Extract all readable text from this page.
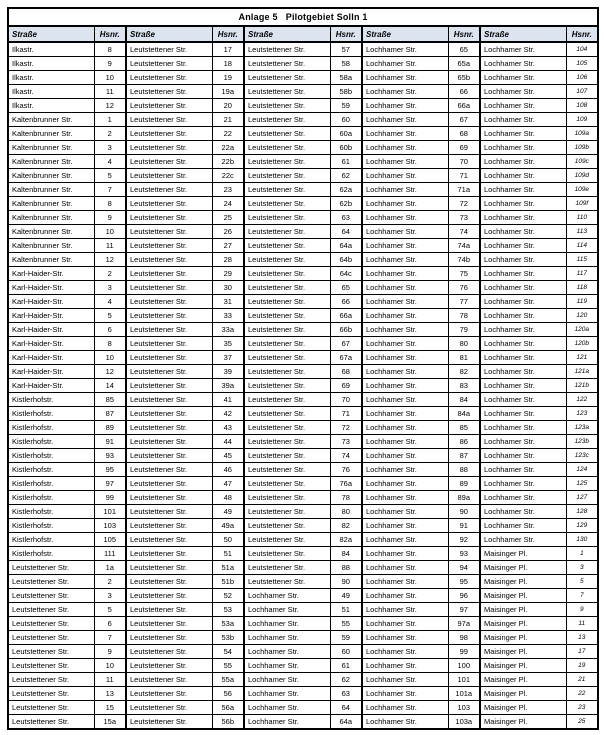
Anlage 5   Pilotgebiet Solln 1									
Straße	Hsnr.	Straße	Hsnr.	Straße	Hsnr.	Straße	Hsnr.	Straße	Hsnr.
Ilkastr.	8	Leutstettener Str.	17	Leutstettener Str.	57	Lochhamer Str.	65	Lochhamer Str.	104
Ilkastr.	9	Leutstettener Str.	18	Leutstettener Str.	58	Lochhamer Str.	65a	Lochhamer Str.	105
Ilkastr.	10	Leutstettener Str.	19	Leutstettener Str.	58a	Lochhamer Str.	65b	Lochhamer Str.	106
Ilkastr.	11	Leutstettener Str.	19a	Leutstettener Str.	58b	Lochhamer Str.	66	Lochhamer Str.	107
Ilkastr.	12	Leutstettener Str.	20	Leutstettener Str.	59	Lochhamer Str.	66a	Lochhamer Str.	108
Kaltenbrunner Str.	1	Leutstettener Str.	21	Leutstettener Str.	60	Lochhamer Str.	67	Lochhamer Str.	109
Kaltenbrunner Str.	2	Leutstettener Str.	22	Leutstettener Str.	60a	Lochhamer Str.	68	Lochhamer Str.	109a
Kaltenbrunner Str.	3	Leutstettener Str.	22a	Leutstettener Str.	60b	Lochhamer Str.	69	Lochhamer Str.	109b
Kaltenbrunner Str.	4	Leutstettener Str.	22b	Leutstettener Str.	61	Lochhamer Str.	70	Lochhamer Str.	109c
Kaltenbrunner Str.	5	Leutstettener Str.	22c	Leutstettener Str.	62	Lochhamer Str.	71	Lochhamer Str.	109d
Kaltenbrunner Str.	7	Leutstettener Str.	23	Leutstettener Str.	62a	Lochhamer Str.	71a	Lochhamer Str.	109e
Kaltenbrunner Str.	8	Leutstettener Str.	24	Leutstettener Str.	62b	Lochhamer Str.	72	Lochhamer Str.	109f
Kaltenbrunner Str.	9	Leutstettener Str.	25	Leutstettener Str.	63	Lochhamer Str.	73	Lochhamer Str.	110
Kaltenbrunner Str.	10	Leutstettener Str.	26	Leutstettener Str.	64	Lochhamer Str.	74	Lochhamer Str.	113
Kaltenbrunner Str.	11	Leutstettener Str.	27	Leutstettener Str.	64a	Lochhamer Str.	74a	Lochhamer Str.	114
Kaltenbrunner Str.	12	Leutstettener Str.	28	Leutstettener Str.	64b	Lochhamer Str.	74b	Lochhamer Str.	115
Karl-Haider-Str.	2	Leutstettener Str.	29	Leutstettener Str.	64c	Lochhamer Str.	75	Lochhamer Str.	117
Karl-Haider-Str.	3	Leutstettener Str.	30	Leutstettener Str.	65	Lochhamer Str.	76	Lochhamer Str.	118
Karl-Haider-Str.	4	Leutstettener Str.	31	Leutstettener Str.	66	Lochhamer Str.	77	Lochhamer Str.	119
Karl-Haider-Str.	5	Leutstettener Str.	33	Leutstettener Str.	66a	Lochhamer Str.	78	Lochhamer Str.	120
Karl-Haider-Str.	6	Leutstettener Str.	33a	Leutstettener Str.	66b	Lochhamer Str.	79	Lochhamer Str.	120a
Karl-Haider-Str.	8	Leutstettener Str.	35	Leutstettener Str.	67	Lochhamer Str.	80	Lochhamer Str.	120b
Karl-Haider-Str.	10	Leutstettener Str.	37	Leutstettener Str.	67a	Lochhamer Str.	81	Lochhamer Str.	121
Karl-Haider-Str.	12	Leutstettener Str.	39	Leutstettener Str.	68	Lochhamer Str.	82	Lochhamer Str.	121a
Karl-Haider-Str.	14	Leutstettener Str.	39a	Leutstettener Str.	69	Lochhamer Str.	83	Lochhamer Str.	121b
Kistlerhofstr.	85	Leutstettener Str.	41	Leutstettener Str.	70	Lochhamer Str.	84	Lochhamer Str.	122
Kistlerhofstr.	87	Leutstettener Str.	42	Leutstettener Str.	71	Lochhamer Str.	84a	Lochhamer Str.	123
Kistlerhofstr.	89	Leutstettener Str.	43	Leutstettener Str.	72	Lochhamer Str.	85	Lochhamer Str.	123a
Kistlerhofstr.	91	Leutstettener Str.	44	Leutstettener Str.	73	Lochhamer Str.	86	Lochhamer Str.	123b
Kistlerhofstr.	93	Leutstettener Str.	45	Leutstettener Str.	74	Lochhamer Str.	87	Lochhamer Str.	123c
Kistlerhofstr.	95	Leutstettener Str.	46	Leutstettener Str.	76	Lochhamer Str.	88	Lochhamer Str.	124
Kistlerhofstr.	97	Leutstettener Str.	47	Leutstettener Str.	76a	Lochhamer Str.	89	Lochhamer Str.	125
Kistlerhofstr.	99	Leutstettener Str.	48	Leutstettener Str.	78	Lochhamer Str.	89a	Lochhamer Str.	127
Kistlerhofstr.	101	Leutstettener Str.	49	Leutstettener Str.	80	Lochhamer Str.	90	Lochhamer Str.	128
Kistlerhofstr.	103	Leutstettener Str.	49a	Leutstettener Str.	82	Lochhamer Str.	91	Lochhamer Str.	129
Kistlerhofstr.	105	Leutstettener Str.	50	Leutstettener Str.	82a	Lochhamer Str.	92	Lochhamer Str.	130
Kistlerhofstr.	111	Leutstettener Str.	51	Leutstettener Str.	84	Lochhamer Str.	93	Maisinger Pl.	1
Leutstettener Str.	1a	Leutstettener Str.	51a	Leutstettener Str.	88	Lochhamer Str.	94	Maisinger Pl.	3
Leutstettener Str.	2	Leutstettener Str.	51b	Leutstettener Str.	90	Lochhamer Str.	95	Maisinger Pl.	5
Leutstettener Str.	3	Leutstettener Str.	52	Lochhamer Str.	49	Lochhamer Str.	96	Maisinger Pl.	7
Leutstettener Str.	5	Leutstettener Str.	53	Lochhamer Str.	51	Lochhamer Str.	97	Maisinger Pl.	9
Leutstettener Str.	6	Leutstettener Str.	53a	Lochhamer Str.	55	Lochhamer Str.	97a	Maisinger Pl.	11
Leutstettener Str.	7	Leutstettener Str.	53b	Lochhamer Str.	59	Lochhamer Str.	98	Maisinger Pl.	13
Leutstettener Str.	9	Leutstettener Str.	54	Lochhamer Str.	60	Lochhamer Str.	99	Maisinger Pl.	17
Leutstettener Str.	10	Leutstettener Str.	55	Lochhamer Str.	61	Lochhamer Str.	100	Maisinger Pl.	19
Leutstettener Str.	11	Leutstettener Str.	55a	Lochhamer Str.	62	Lochhamer Str.	101	Maisinger Pl.	21
Leutstettener Str.	13	Leutstettener Str.	56	Lochhamer Str.	63	Lochhamer Str.	101a	Maisinger Pl.	22
Leutstettener Str.	15	Leutstettener Str.	56a	Lochhamer Str.	64	Lochhamer Str.	103	Maisinger Pl.	23
Leutstettener Str.	15a	Leutstettener Str.	56b	Lochhamer Str.	64a	Lochhamer Str.	103a	Maisinger Pl.	25
